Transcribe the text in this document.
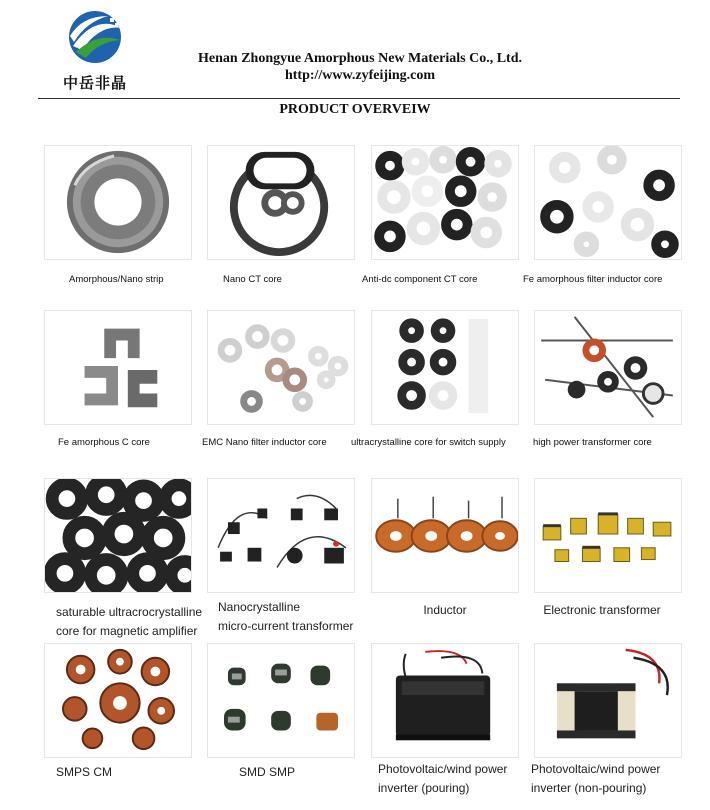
中岳非晶
Henan Zhongyue Amorphous New Materials Co., Ltd.
http://www.zyfeijing.com
PRODUCT OVERVEIW
Amorphous/Nano strip	Nano CT core	Anti-dc component CT core	Fe amorphous filter inductor core
Fe amorphous C core	EMC Nano filter inductor core	ultracrystalline core for switch supply	high power transformer core
saturable ultracrocrystalline
core for magnetic amplifier
Nanocrystalline
micro-current transformer
Inductor	Electronic transformer
SMPS CM	SMD SMP	Photovoltaic/wind power
inverter (pouring)
Photovoltaic/wind power
inverter (non-pouring)
